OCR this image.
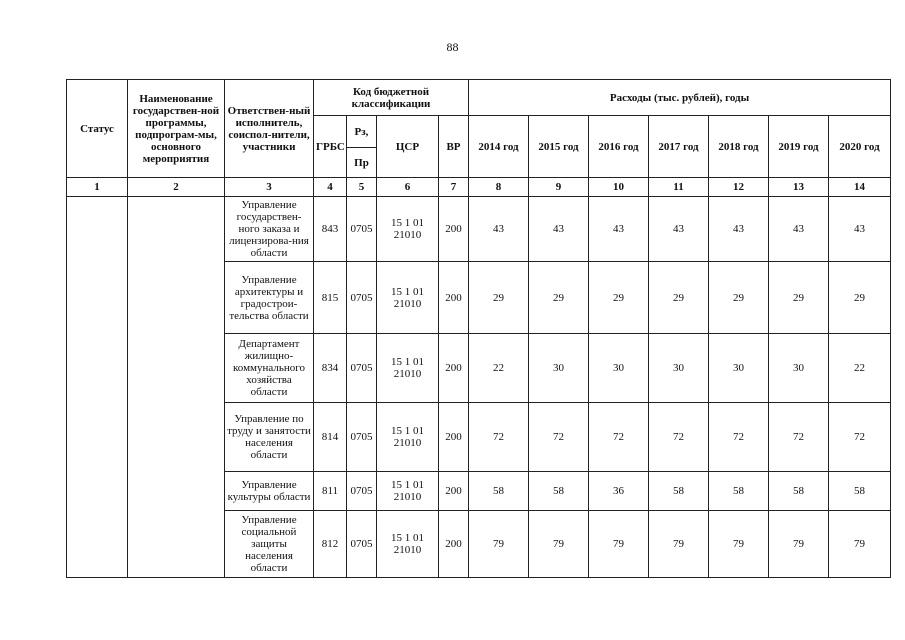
88
Статус	Наименование государствен-ной программы, подпрограм-мы, основного мероприятия	Ответствен-ный исполнитель, соиспол-нители, участники	Код бюджетной классификации				Расходы (тыс. рублей), годы						
			ГРБС	Рз,	ЦСР	ВР	2014 год	2015 год	2016 год	2017 год	2018 год	2019 год	2020 год
				Пр									
1	2	3	4	5	6	7	8	9	10	11	12	13	14
		Управление государствен-ного заказа и лицензирова-ния области	843	0705	15 1 01 21010	200	43	43	43	43	43	43	43
		Управление архитектуры и градострои-тельства области	815	0705	15 1 01 21010	200	29	29	29	29	29	29	29
		Департамент жилищно-коммунального хозяйства области	834	0705	15 1 01 21010	200	22	30	30	30	30	30	22
		Управление по труду и занятости населения области	814	0705	15 1 01 21010	200	72	72	72	72	72	72	72
		Управление культуры области	811	0705	15 1 01 21010	200	58	58	36	58	58	58	58
		Управление социальной защиты населения области	812	0705	15 1 01 21010	200	79	79	79	79	79	79	79
